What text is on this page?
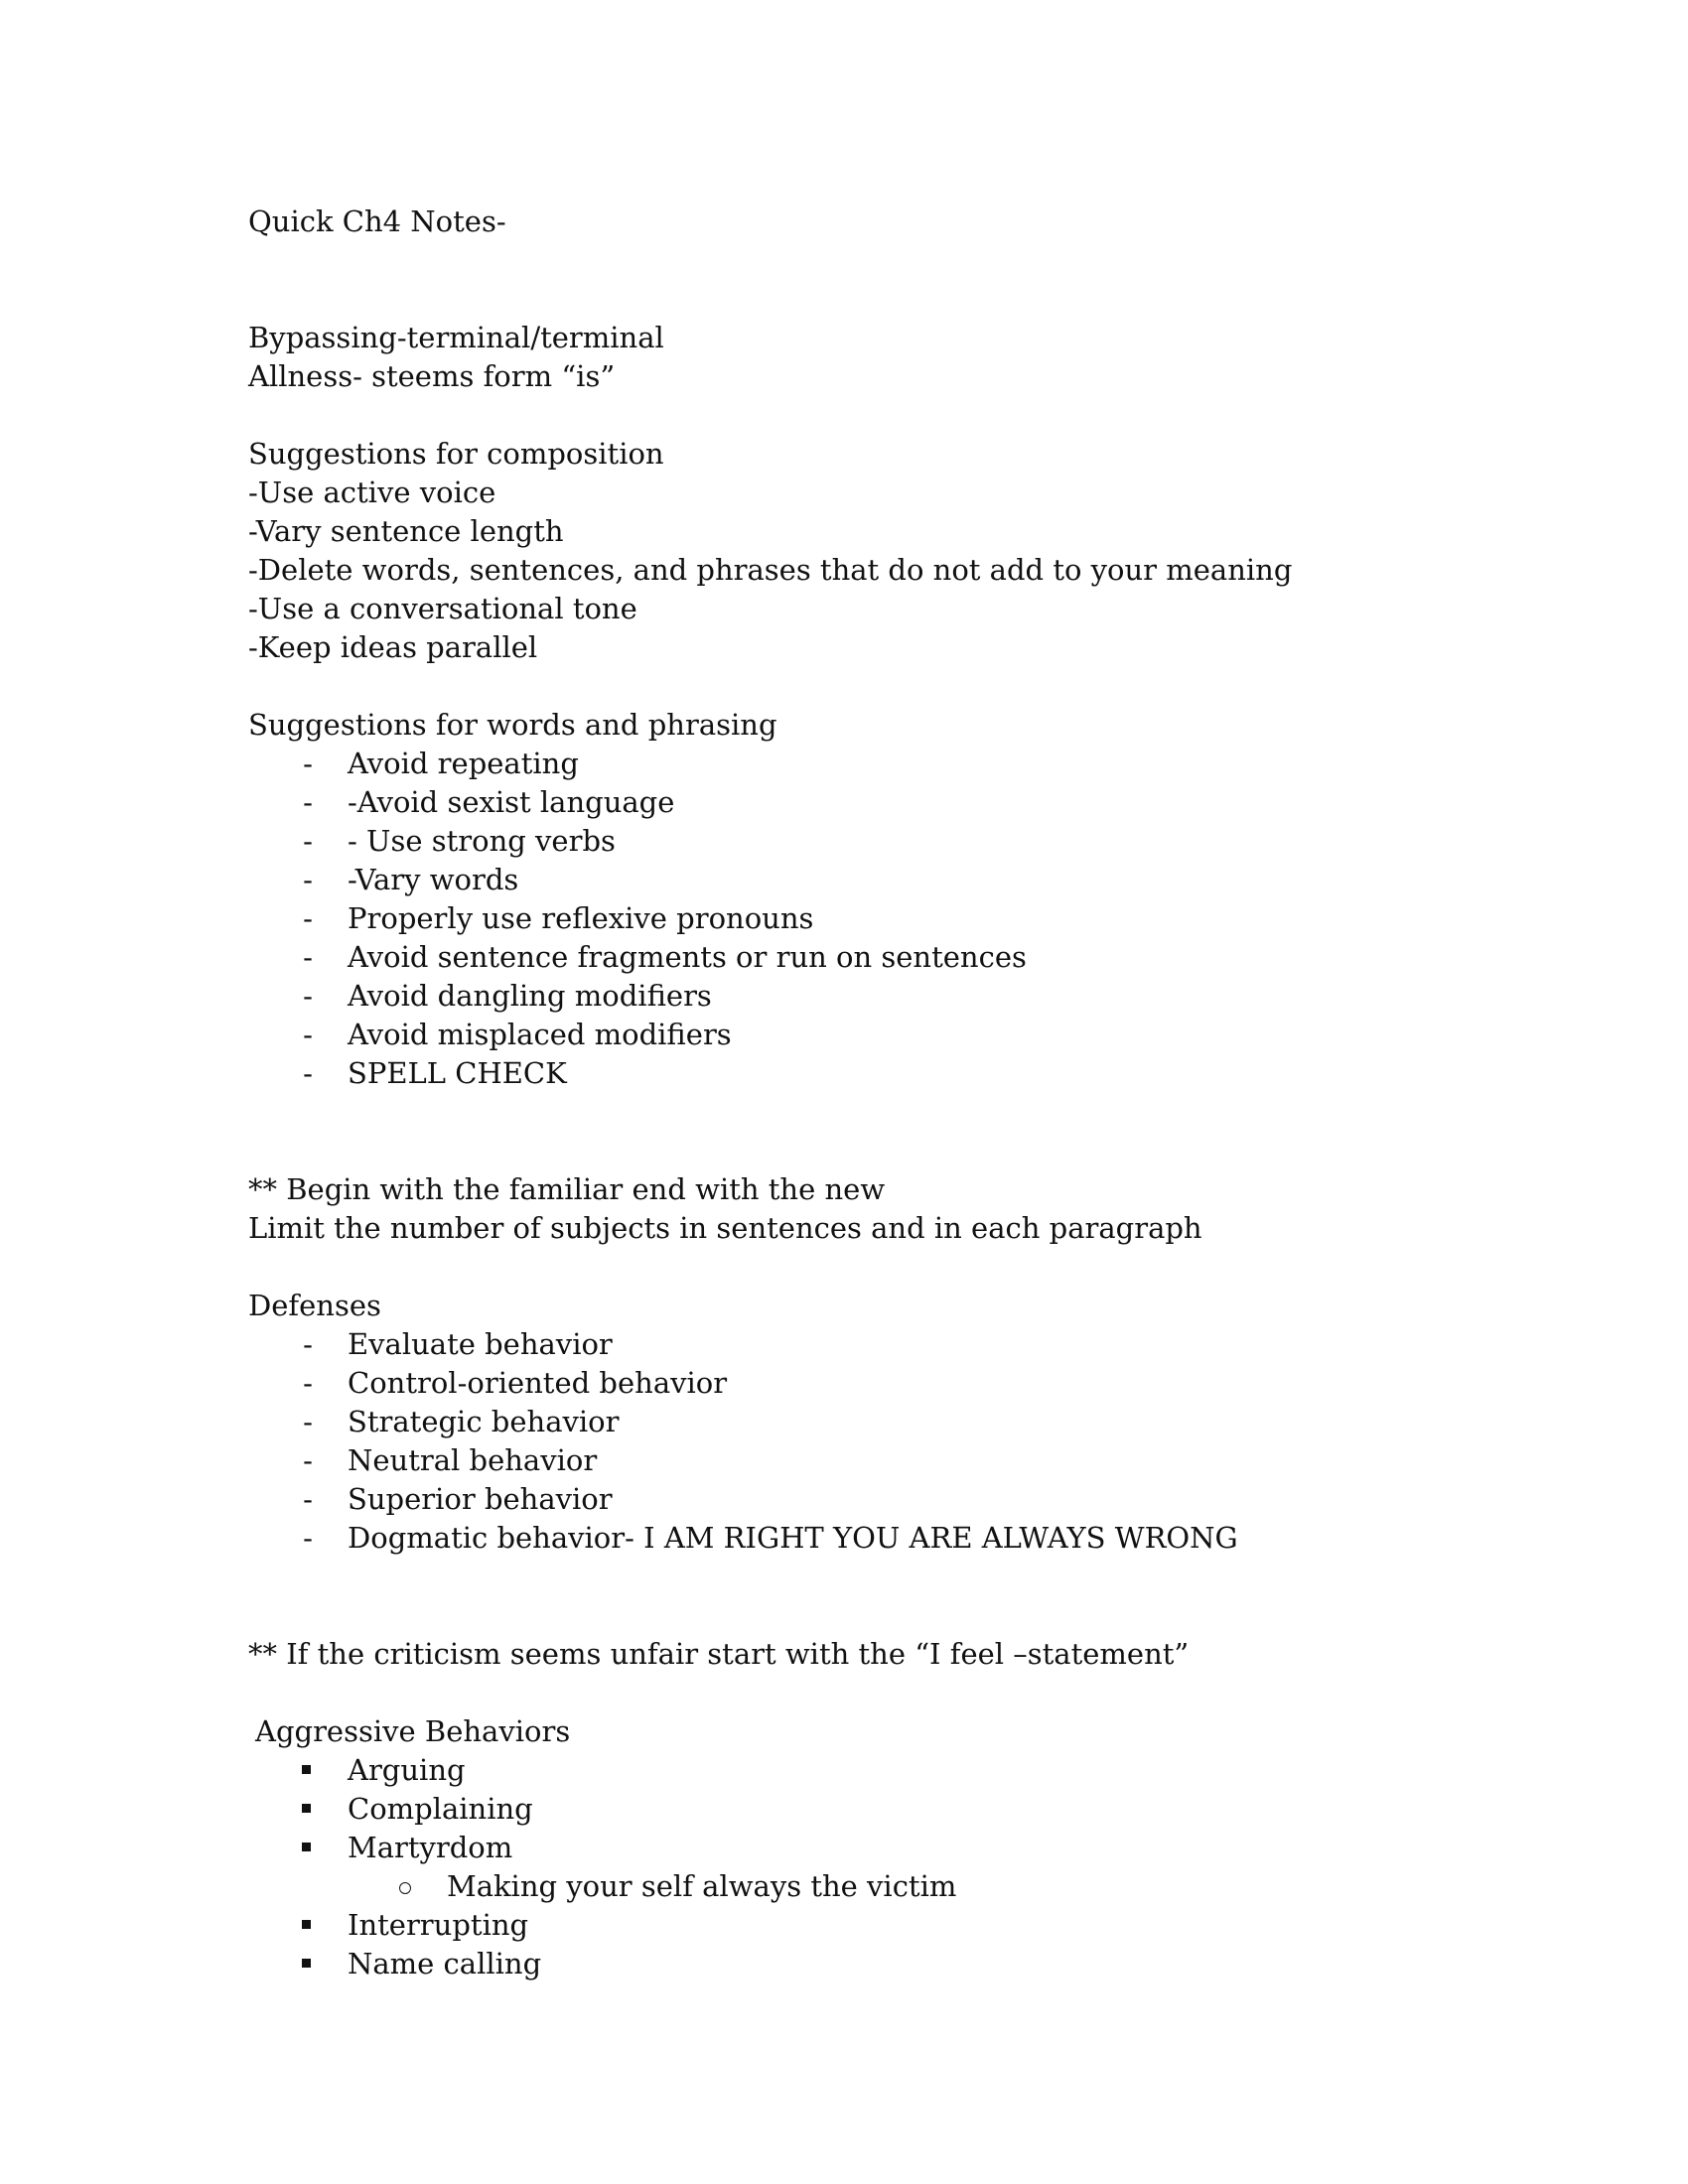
Quick Ch4 Notes-
Bypassing-terminal/terminal
Allness- steems form “is”
Suggestions for composition
-Use active voice
-Vary sentence length
-Delete words, sentences, and phrases that do not add to your meaning
-Use a conversational tone
-Keep ideas parallel
Suggestions for words and phrasing
- Avoid repeating
- -Avoid sexist language
- - Use strong verbs
- -Vary words
- Properly use reflexive pronouns
- Avoid sentence fragments or run on sentences
- Avoid dangling modifiers
- Avoid misplaced modifiers
- SPELL CHECK
** Begin with the familiar end with the new
Limit the number of subjects in sentences and in each paragraph
Defenses
- Evaluate behavior
- Control-oriented behavior
- Strategic behavior
- Neutral behavior
- Superior behavior
- Dogmatic behavior- I AM RIGHT YOU ARE ALWAYS WRONG
** If the criticism seems unfair start with the “I feel –statement”
Aggressive Behaviors
Arguing
Complaining
Martyrdom
Making your self always the victim
Interrupting
Name calling
